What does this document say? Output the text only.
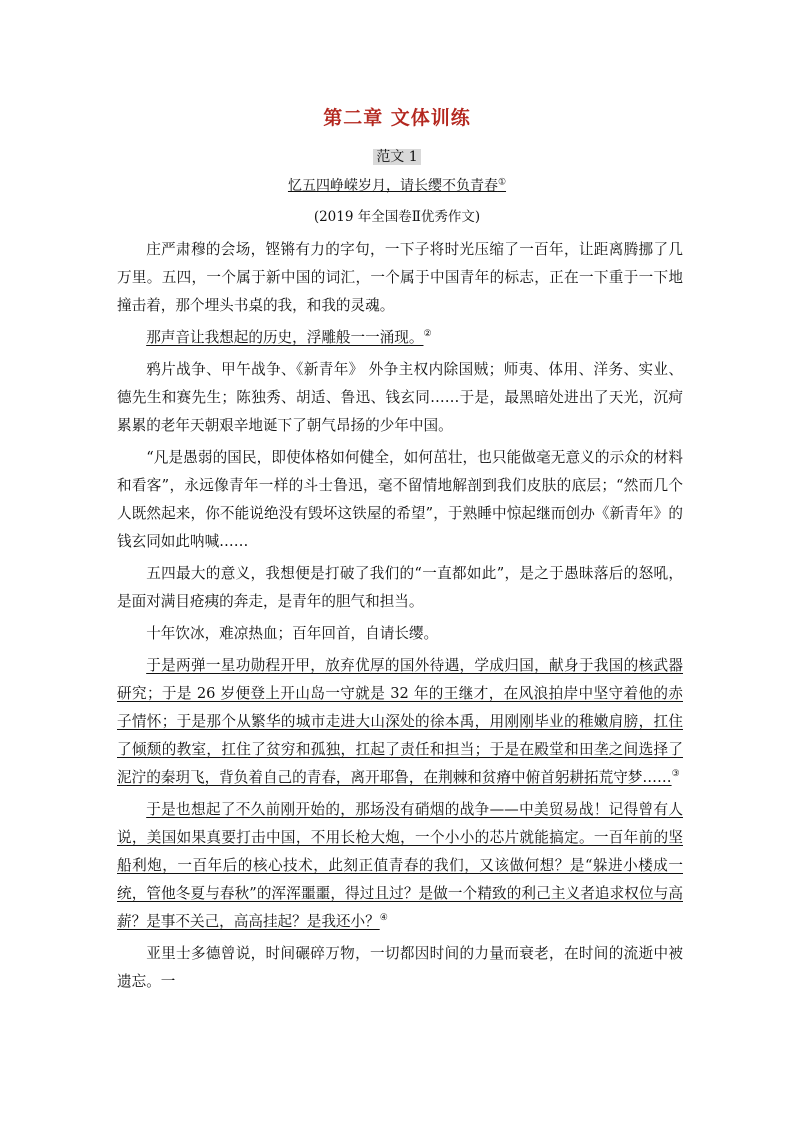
第二章 文体训练
范文 1
忆五四峥嵘岁月，请长缨不负青春①
(2019 年全国卷Ⅱ优秀作文)

庄严肃穆的会场，铿锵有力的字句，一下子将时光压缩了一百年，让距离腾挪了几万里。五四，一个属于新中国的词汇，一个属于中国青年的标志，正在一下重于一下地撞击着，那个埋头书桌的我，和我的灵魂。

那声音让我想起的历史，浮雕般一一涌现。②

鸦片战争、甲午战争、《新青年》 外争主权内除国贼；师夷、体用、洋务、实业、德先生和赛先生；陈独秀、胡适、鲁迅、钱玄同……于是，最黑暗处进出了天光，沉疴累累的老年天朝艰辛地诞下了朝气昂扬的少年中国。

“凡是愚弱的国民，即使体格如何健全，如何茁壮，也只能做毫无意义的示众的材料和看客”，永远像青年一样的斗士鲁迅，毫不留情地解剖到我们皮肤的底层；“然而几个人既然起来，你不能说绝没有毁坏这铁屋的希望”，于熟睡中惊起继而创办《新青年》的钱玄同如此呐喊……

五四最大的意义，我想便是打破了我们的“一直都如此”，是之于愚昧落后的怒吼，是面对满目疮痍的奔走，是青年的胆气和担当。

十年饮冰，难凉热血；百年回首，自请长缨。

于是两弹一星功勋程开甲，放弃优厚的国外待遇，学成归国，献身于我国的核武器研究；于是 26 岁便登上开山岛一守就是 32 年的王继才，在风浪拍岸中坚守着他的赤子情怀；于是那个从繁华的城市走进大山深处的徐本禹，用刚刚毕业的稚嫩肩膀，扛住了倾颓的教室，扛住了贫穷和孤独，扛起了责任和担当；于是在殿堂和田垄之间选择了泥泞的秦玥飞，背负着自己的青春，离开耶鲁，在荆棘和贫瘠中俯首躬耕拓荒守梦……③

于是也想起了不久前刚开始的，那场没有硝烟的战争——中美贸易战！记得曾有人说，美国如果真要打击中国，不用长枪大炮，一个小小的芯片就能搞定。一百年前的坚船利炮，一百年后的核心技术，此刻正值青春的我们，又该做何想？是“躲进小楼成一统，管他冬夏与春秋”的浑浑噩噩，得过且过？是做一个精致的利己主义者追求权位与高薪？是事不关己，高高挂起？是我还小？④

亚里士多德曾说，时间碾碎万物，一切都因时间的力量而衰老，在时间的流逝中被遗忘。一
